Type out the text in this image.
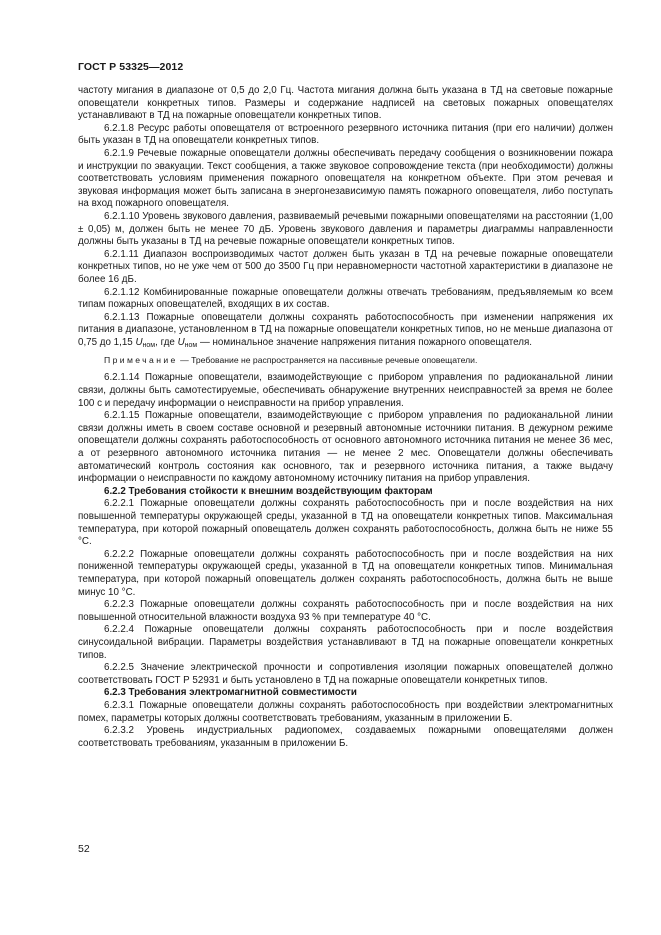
ГОСТ Р 53325—2012

частоту мигания в диапазоне от 0,5 до 2,0 Гц. Частота мигания должна быть указана в ТД на световые пожарные оповещатели конкретных типов. Размеры и содержание надписей на световых пожарных оповещателях устанавливают в ТД на пожарные оповещатели конкретных типов.

6.2.1.8 Ресурс работы оповещателя от встроенного резервного источника питания (при его наличии) должен быть указан в ТД на оповещатели конкретных типов.

6.2.1.9 Речевые пожарные оповещатели должны обеспечивать передачу сообщения о возникновении пожара и инструкции по эвакуации. Текст сообщения, а также звуковое сопровождение текста (при необходимости) должны соответствовать условиям применения пожарного оповещателя на конкретном объекте. При этом речевая и звуковая информация может быть записана в энергонезависимую память пожарного оповещателя, либо поступать на вход пожарного оповещателя.

6.2.1.10 Уровень звукового давления, развиваемый речевыми пожарными оповещателями на расстоянии (1,00 ± 0,05) м, должен быть не менее 70 дБ. Уровень звукового давления и параметры диаграммы направленности должны быть указаны в ТД на речевые пожарные оповещатели конкретных типов.

6.2.1.11 Диапазон воспроизводимых частот должен быть указан в ТД на речевые пожарные оповещатели конкретных типов, но не уже чем от 500 до 3500 Гц при неравномерности частотной характеристики в диапазоне не более 16 дБ.

6.2.1.12 Комбинированные пожарные оповещатели должны отвечать требованиям, предъявляемым ко всем типам пожарных оповещателей, входящих в их состав.

6.2.1.13 Пожарные оповещатели должны сохранять работоспособность при изменении напряжения их питания в диапазоне, установленном в ТД на пожарные оповещатели конкретных типов, но не меньше диапазона от 0,75 до 1,15 $U_{ном}$, где $U_{ном}$ — номинальное значение напряжения питания пожарного оповещателя.

Примечание — Требование не распространяется на пассивные речевые оповещатели.

6.2.1.14 Пожарные оповещатели, взаимодействующие с прибором управления по радиоканальной линии связи, должны быть самотестируемые, обеспечивать обнаружение внутренних неисправностей за время не более 100 с и передачу информации о неисправности на прибор управления.

6.2.1.15 Пожарные оповещатели, взаимодействующие с прибором управления по радиоканальной линии связи должны иметь в своем составе основной и резервный автономные источники питания. В дежурном режиме оповещатели должны сохранять работоспособность от основного автономного источника питания не менее 36 мес, а от резервного автономного источника питания — не менее 2 мес. Оповещатели должны обеспечивать автоматический контроль состояния как основного, так и резервного источника питания, а также выдачу информации о неисправности по каждому автономному источнику питания на прибор управления.

6.2.2 Требования стойкости к внешним воздействующим факторам

6.2.2.1 Пожарные оповещатели должны сохранять работоспособность при и после воздействия на них повышенной температуры окружающей среды, указанной в ТД на оповещатели конкретных типов. Максимальная температура, при которой пожарный оповещатель должен сохранять работоспособность, должна быть не ниже 55 °С.

6.2.2.2 Пожарные оповещатели должны сохранять работоспособность при и после воздействия на них пониженной температуры окружающей среды, указанной в ТД на оповещатели конкретных типов. Минимальная температура, при которой пожарный оповещатель должен сохранять работоспособность, должна быть не выше минус 10 °С.

6.2.2.3 Пожарные оповещатели должны сохранять работоспособность при и после воздействия на них повышенной относительной влажности воздуха 93 % при температуре 40 °С.

6.2.2.4 Пожарные оповещатели должны сохранять работоспособность при и после воздействия синусоидальной вибрации. Параметры воздействия устанавливают в ТД на пожарные оповещатели конкретных типов.

6.2.2.5 Значение электрической прочности и сопротивления изоляции пожарных оповещателей должно соответствовать ГОСТ Р 52931 и быть установлено в ТД на пожарные оповещатели конкретных типов.

6.2.3 Требования электромагнитной совместимости

6.2.3.1 Пожарные оповещатели должны сохранять работоспособность при воздействии электромагнитных помех, параметры которых должны соответствовать требованиям, указанным в приложении Б.

6.2.3.2 Уровень индустриальных радиопомех, создаваемых пожарными оповещателями должен соответствовать требованиям, указанным в приложении Б.

52
